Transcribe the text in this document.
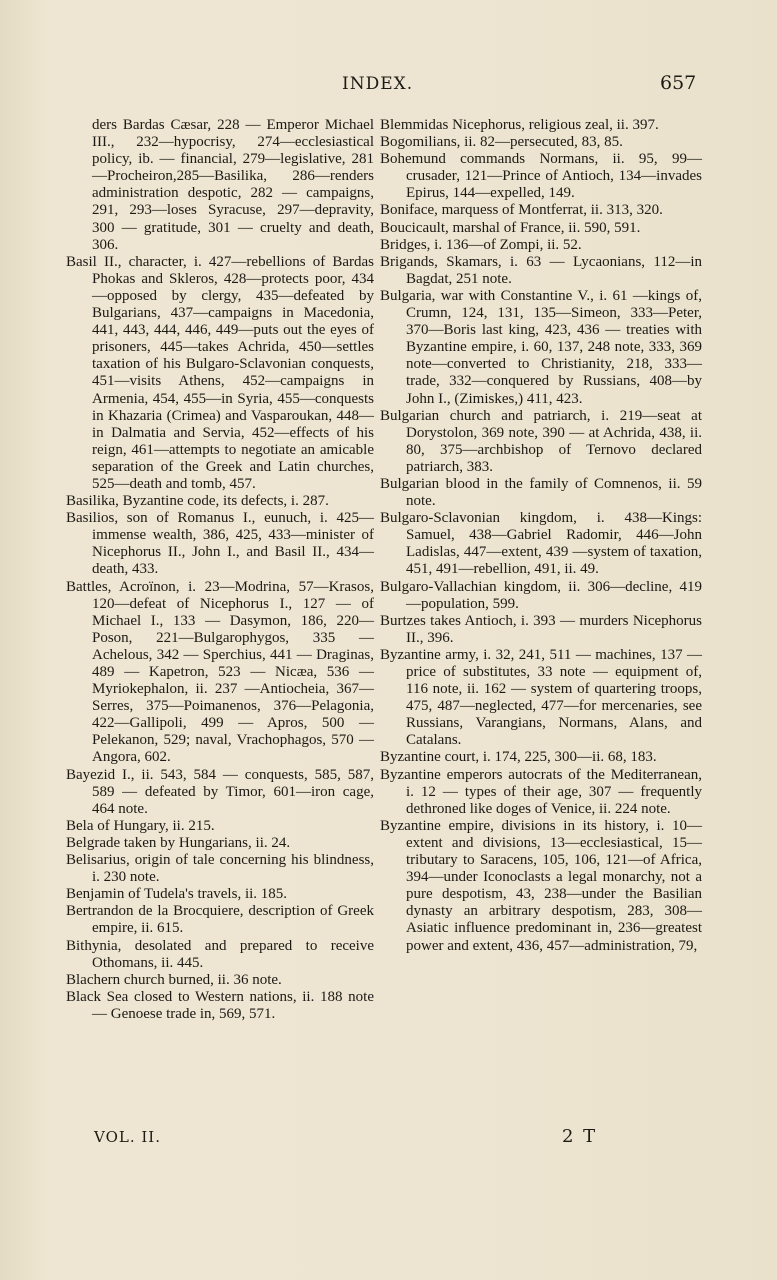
INDEX.	657

ders Bardas Cæsar, 228 — Emperor Michael III., 232—hypocrisy, 274—ecclesiastical policy, ib. — financial, 279—legislative, 281—Procheiron,285—Basilika, 286—renders administration despotic, 282 — campaigns, 291, 293—loses Syracuse, 297—depravity, 300 — gratitude, 301 — cruelty and death, 306.

Basil II., character, i. 427—rebellions of Bardas Phokas and Skleros, 428—protects poor, 434—opposed by clergy, 435—defeated by Bulgarians, 437—campaigns in Macedonia, 441, 443, 444, 446, 449—puts out the eyes of prisoners, 445—takes Achrida, 450—settles taxation of his Bulgaro-Sclavonian conquests, 451—visits Athens, 452—campaigns in Armenia, 454, 455—in Syria, 455—conquests in Khazaria (Crimea) and Vasparoukan, 448—in Dalmatia and Servia, 452—effects of his reign, 461—attempts to negotiate an amicable separation of the Greek and Latin churches, 525—death and tomb, 457.

Basilika, Byzantine code, its defects, i. 287.

Basilios, son of Romanus I., eunuch, i. 425—immense wealth, 386, 425, 433—minister of Nicephorus II., John I., and Basil II., 434—death, 433.

Battles, Acroïnon, i. 23—Modrina, 57—Krasos, 120—defeat of Nicephorus I., 127 — of Michael I., 133 — Dasymon, 186, 220—Poson, 221—Bulgarophygos, 335 — Achelous, 342 — Sperchius, 441 — Draginas, 489 — Kapetron, 523 — Nicæa, 536 — Myriokephalon, ii. 237 —Antiocheia, 367—Serres, 375—Poimanenos, 376—Pelagonia, 422—Gallipoli, 499 — Apros, 500 — Pelekanon, 529; naval, Vrachophagos, 570 — Angora, 602.

Bayezid I., ii. 543, 584 — conquests, 585, 587, 589 — defeated by Timor, 601—iron cage, 464 note.

Bela of Hungary, ii. 215.

Belgrade taken by Hungarians, ii. 24.

Belisarius, origin of tale concerning his blindness, i. 230 note.

Benjamin of Tudela's travels, ii. 185.

Bertrandon de la Brocquiere, description of Greek empire, ii. 615.

Bithynia, desolated and prepared to receive Othomans, ii. 445.

Blachern church burned, ii. 36 note.

Black Sea closed to Western nations, ii. 188 note — Genoese trade in, 569, 571.

Blemmidas Nicephorus, religious zeal, ii. 397.

Bogomilians, ii. 82—persecuted, 83, 85.

Bohemund commands Normans, ii. 95, 99—crusader, 121—Prince of Antioch, 134—invades Epirus, 144—expelled, 149.

Boniface, marquess of Montferrat, ii. 313, 320.

Boucicault, marshal of France, ii. 590, 591.

Bridges, i. 136—of Zompi, ii. 52.

Brigands, Skamars, i. 63 — Lycaonians, 112—in Bagdat, 251 note.

Bulgaria, war with Constantine V., i. 61 —kings of, Crumn, 124, 131, 135—Simeon, 333—Peter, 370—Boris last king, 423, 436 — treaties with Byzantine empire, i. 60, 137, 248 note, 333, 369 note—converted to Christianity, 218, 333—trade, 332—conquered by Russians, 408—by John I., (Zimiskes,) 411, 423.

Bulgarian church and patriarch, i. 219—seat at Dorystolon, 369 note, 390 — at Achrida, 438, ii. 80, 375—archbishop of Ternovo declared patriarch, 383.

Bulgarian blood in the family of Comnenos, ii. 59 note.

Bulgaro-Sclavonian kingdom, i. 438—Kings: Samuel, 438—Gabriel Radomir, 446—John Ladislas, 447—extent, 439 —system of taxation, 451, 491—rebellion, 491, ii. 49.

Bulgaro-Vallachian kingdom, ii. 306—decline, 419—population, 599.

Burtzes takes Antioch, i. 393 — murders Nicephorus II., 396.

Byzantine army, i. 32, 241, 511 — machines, 137 — price of substitutes, 33 note — equipment of, 116 note, ii. 162 — system of quartering troops, 475, 487—neglected, 477—for mercenaries, see Russians, Varangians, Normans, Alans, and Catalans.

Byzantine court, i. 174, 225, 300—ii. 68, 183.

Byzantine emperors autocrats of the Mediterranean, i. 12 — types of their age, 307 — frequently dethroned like doges of Venice, ii. 224 note.

Byzantine empire, divisions in its history, i. 10—extent and divisions, 13—ecclesiastical, 15—tributary to Saracens, 105, 106, 121—of Africa, 394—under Iconoclasts a legal monarchy, not a pure despotism, 43, 238—under the Basilian dynasty an arbitrary despotism, 283, 308—Asiatic influence predominant in, 236—greatest power and extent, 436, 457—administration, 79,

VOL. II.	2 T
